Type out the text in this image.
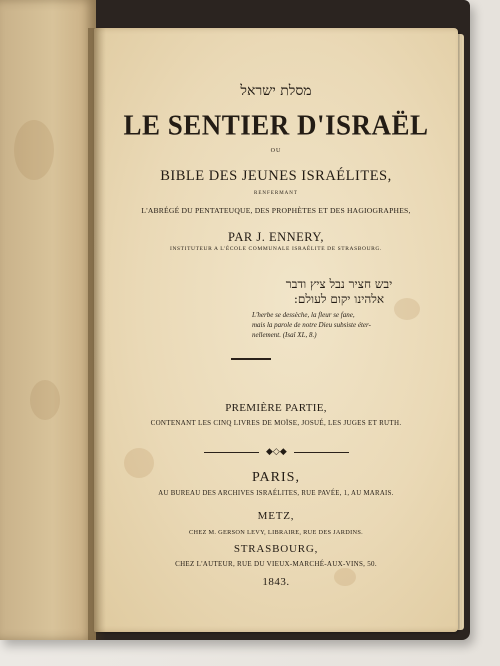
מסלת ישראל
LE SENTIER D'ISRAËL
OU
BIBLE DES JEUNES ISRAÉLITES,
RENFERMANT
L'ABRÉGÉ DU PENTATEUQUE, DES PROPHÈTES ET DES HAGIOGRAPHES,
PAR J. ENNERY,
INSTITUTEUR A L'ÉCOLE COMMUNALE ISRAÉLITE DE STRASBOURG.
יבש חציר נבל ציץ ודבר
אלהינו יקום לעולם:
L'herbe se dessèche, la fleur se fane,
mais la parole de notre Dieu subsiste éter-
nellement. (Isaï XL, 8.)
PREMIÈRE PARTIE,
CONTENANT LES CINQ LIVRES DE MOÏSE, JOSUÉ, LES JUGES ET RUTH.
◆◇◆
PARIS,
AU BUREAU DES ARCHIVES ISRAÉLITES, RUE PAVÉE, 1, AU MARAIS.
METZ,
CHEZ M. GERSON LEVY, LIBRAIRE, RUE DES JARDINS.
STRASBOURG,
CHEZ L'AUTEUR, RUE DU VIEUX-MARCHÉ-AUX-VINS, 50.
1843.
